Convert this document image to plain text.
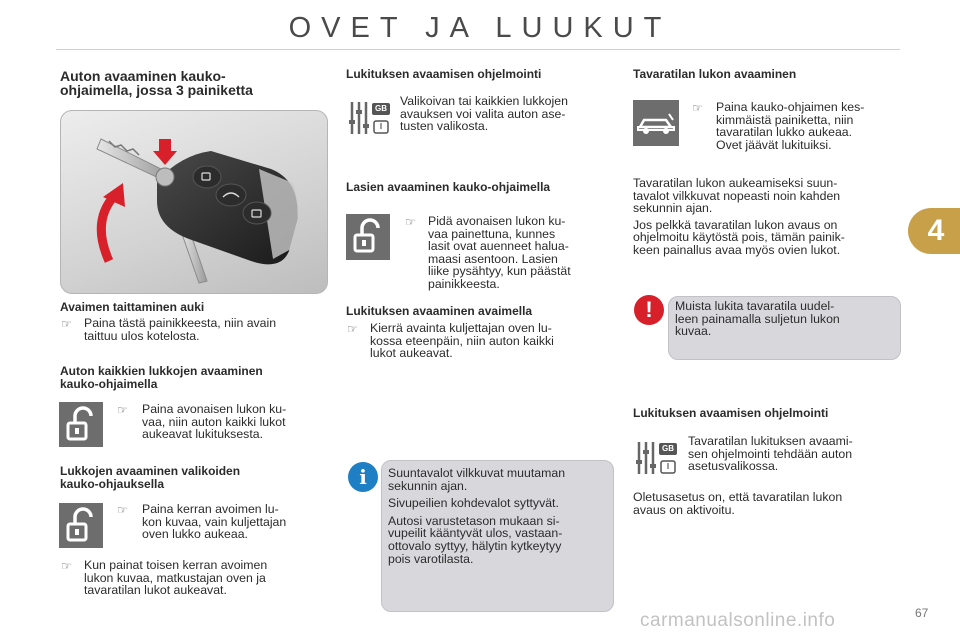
OVET JA LUUKUT
4
Auton avaaminen kauko-
ohjaimella, jossa 3 painiketta
Avaimen taittaminen auki
☞ Paina tästä painikkeesta, niin avain
taittuu ulos kotelosta.
Auton kaikkien lukkojen avaaminen
kauko-ohjaimella
☞ Paina avonaisen lukon ku-
vaa, niin auton kaikki lukot
aukeavat lukituksesta.
Lukkojen avaaminen valikoiden
kauko-ohjauksella
☞ Paina kerran avoimen lu-
kon kuvaa, vain kuljettajan
oven lukko aukeaa.
☞ Kun painat toisen kerran avoimen
lukon kuvaa, matkustajan oven ja
tavaratilan lukot aukeavat.
Lukituksen avaamisen ohjelmointi
GB
I
Valikoivan tai kaikkien lukkojen
avauksen voi valita auton ase-
tusten valikosta.
Lasien avaaminen kauko-ohjaimella
☞ Pidä avonaisen lukon ku-
vaa painettuna, kunnes
lasit ovat auenneet halua-
maasi asentoon. Lasien
liike pysähtyy, kun päästät
painikkeesta.
Lukituksen avaaminen avaimella
☞ Kierrä avainta kuljettajan oven lu-
kossa eteenpäin, niin auton kaikki
lukot aukeavat.
i	Suuntavalot vilkkuvat muutaman
sekunnin ajan.
Sivupeilien kohdevalot syttyvät.
Autosi varustetason mukaan si-
vupeilit kääntyvät ulos, vastaan-
ottovalo syttyy, hälytin kytkeytyy
pois varotilasta.
Tavaratilan lukon avaaminen
☞ Paina kauko-ohjaimen kes-
kimmäistä painiketta, niin
tavaratilan lukko aukeaa.
Ovet jäävät lukituiksi.
Tavaratilan lukon aukeamiseksi suun-
tavalot vilkkuvat nopeasti noin kahden
sekunnin ajan.
Jos pelkkä tavaratilan lukon avaus on
ohjelmoitu käytöstä pois, tämän painik-
keen painallus avaa myös ovien lukot.
!	Muista lukita tavaratila uudel-
leen painamalla suljetun lukon
kuvaa.
Lukituksen avaamisen ohjelmointi
GB
I
Tavaratilan lukituksen avaami-
sen ohjelmointi tehdään auton
asetusvalikossa.
Oletusasetus on, että tavaratilan lukon
avaus on aktivoitu.
carmanualsonline.info	67
